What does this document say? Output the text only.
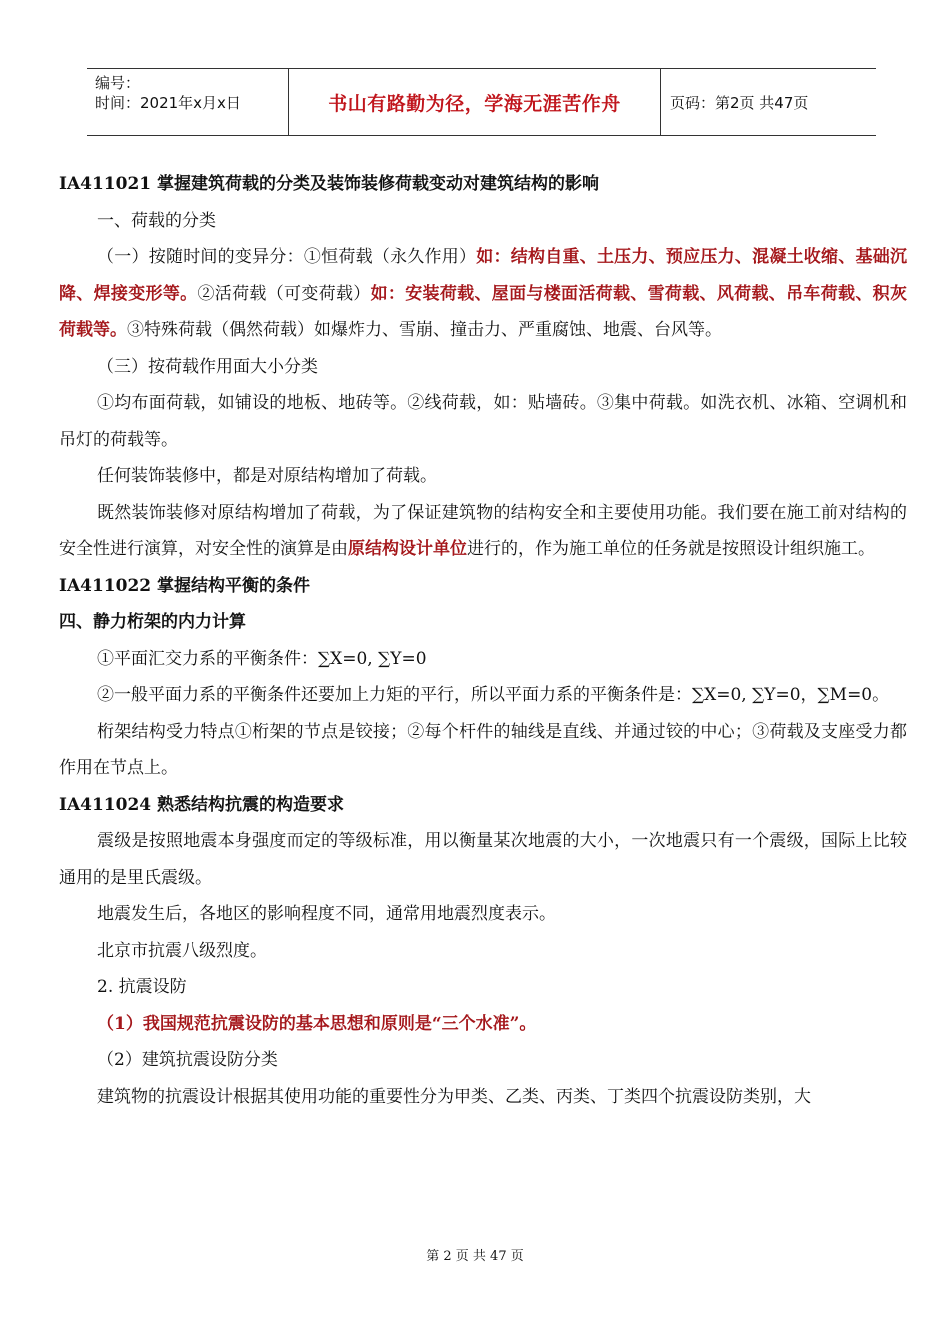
编号：
时间：2021年x月x日	书山有路勤为径，学海无涯苦作舟	页码：第2页 共47页

IA411021 掌握建筑荷载的分类及装饰装修荷载变动对建筑结构的影响

一、荷载的分类

（一）按随时间的变异分：①恒荷载（永久作用）如：结构自重、土压力、预应压力、混凝土收缩、基础沉降、焊接变形等。②活荷载（可变荷载）如：安装荷载、屋面与楼面活荷载、雪荷载、风荷载、吊车荷载、积灰荷载等。③特殊荷载（偶然荷载）如爆炸力、雪崩、撞击力、严重腐蚀、地震、台风等。

（三）按荷载作用面大小分类

①均布面荷载，如铺设的地板、地砖等。②线荷载，如：贴墙砖。③集中荷载。如洗衣机、冰箱、空调机和吊灯的荷载等。

任何装饰装修中，都是对原结构增加了荷载。

既然装饰装修对原结构增加了荷载，为了保证建筑物的结构安全和主要使用功能。我们要在施工前对结构的安全性进行演算，对安全性的演算是由原结构设计单位进行的，作为施工单位的任务就是按照设计组织施工。

IA411022 掌握结构平衡的条件

四、静力桁架的内力计算

①平面汇交力系的平衡条件：∑X=0, ∑Y=0

②一般平面力系的平衡条件还要加上力矩的平行，所以平面力系的平衡条件是：∑X=0, ∑Y=0，∑M=0。

桁架结构受力特点①桁架的节点是铰接；②每个杆件的轴线是直线、并通过铰的中心；③荷载及支座受力都作用在节点上。

IA411024 熟悉结构抗震的构造要求

震级是按照地震本身强度而定的等级标准，用以衡量某次地震的大小，一次地震只有一个震级，国际上比较通用的是里氏震级。

地震发生后，各地区的影响程度不同，通常用地震烈度表示。

北京市抗震八级烈度。

2. 抗震设防

（1）我国规范抗震设防的基本思想和原则是“三个水准”。

（2）建筑抗震设防分类

建筑物的抗震设计根据其使用功能的重要性分为甲类、乙类、丙类、丁类四个抗震设防类别，大

第 2 页 共 47 页
